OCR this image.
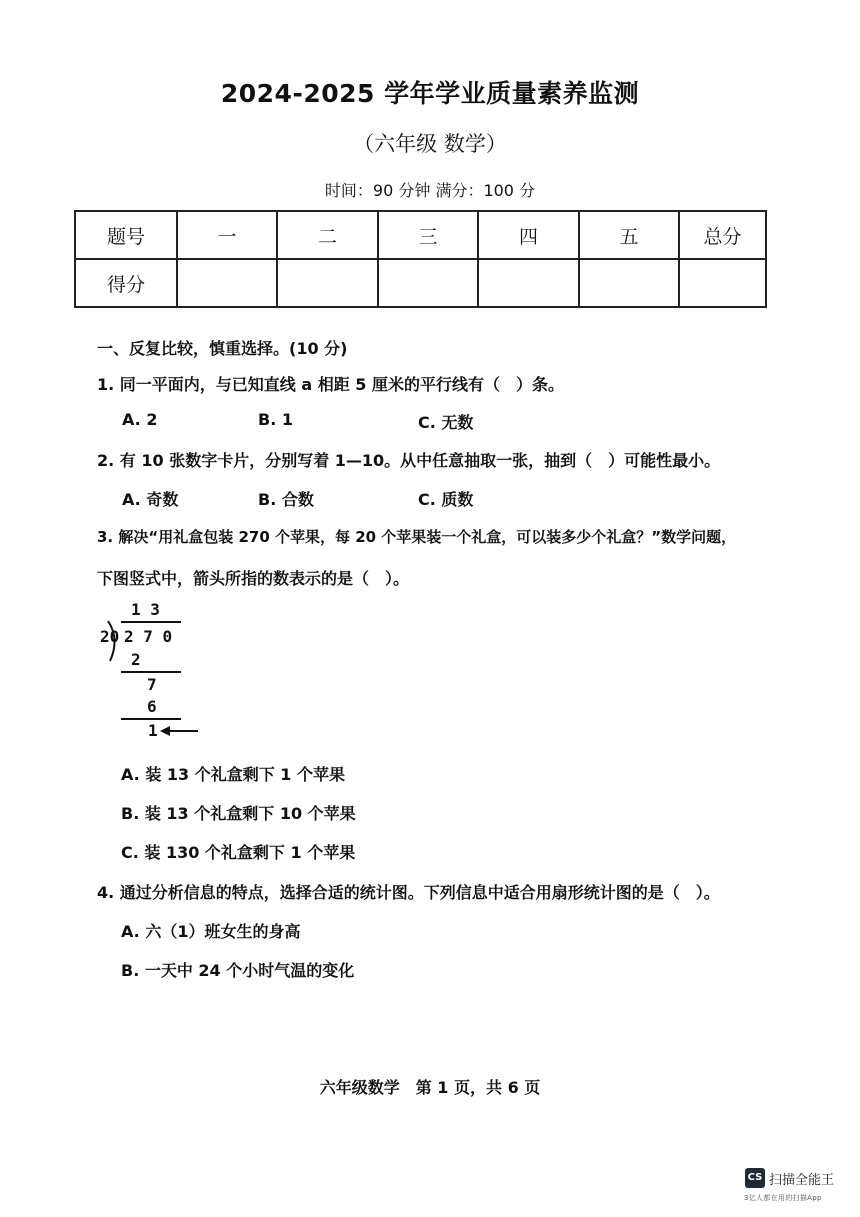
2024-2025 学年学业质量素养监测
（六年级 数学）
时间：90 分钟 满分：100 分
题号	一	二	三	四	五	总分
得分						
一、反复比较，慎重选择。(10 分)
1. 同一平面内，与已知直线 a 相距 5 厘米的平行线有（　）条。
A. 2	B. 1	C. 无数
2. 有 10 张数字卡片，分别写着 1—10。从中任意抽取一张，抽到（　）可能性最小。
A. 奇数	B. 合数	C. 质数
3. 解决“用礼盒包装 270 个苹果，每 20 个苹果装一个礼盒，可以装多少个礼盒？”数学问题，
下图竖式中，箭头所指的数表示的是（　）。
1 3
20 2 7 0
2
7
6
1
A. 装 13 个礼盒剩下 1 个苹果
B. 装 13 个礼盒剩下 10 个苹果
C. 装 130 个礼盒剩下 1 个苹果
4. 通过分析信息的特点，选择合适的统计图。下列信息中适合用扇形统计图的是（　）。
A. 六（1）班女生的身高
B. 一天中 24 个小时气温的变化
六年级数学　第 1 页，共 6 页
CS 扫描全能王
3亿人都在用的扫描App
